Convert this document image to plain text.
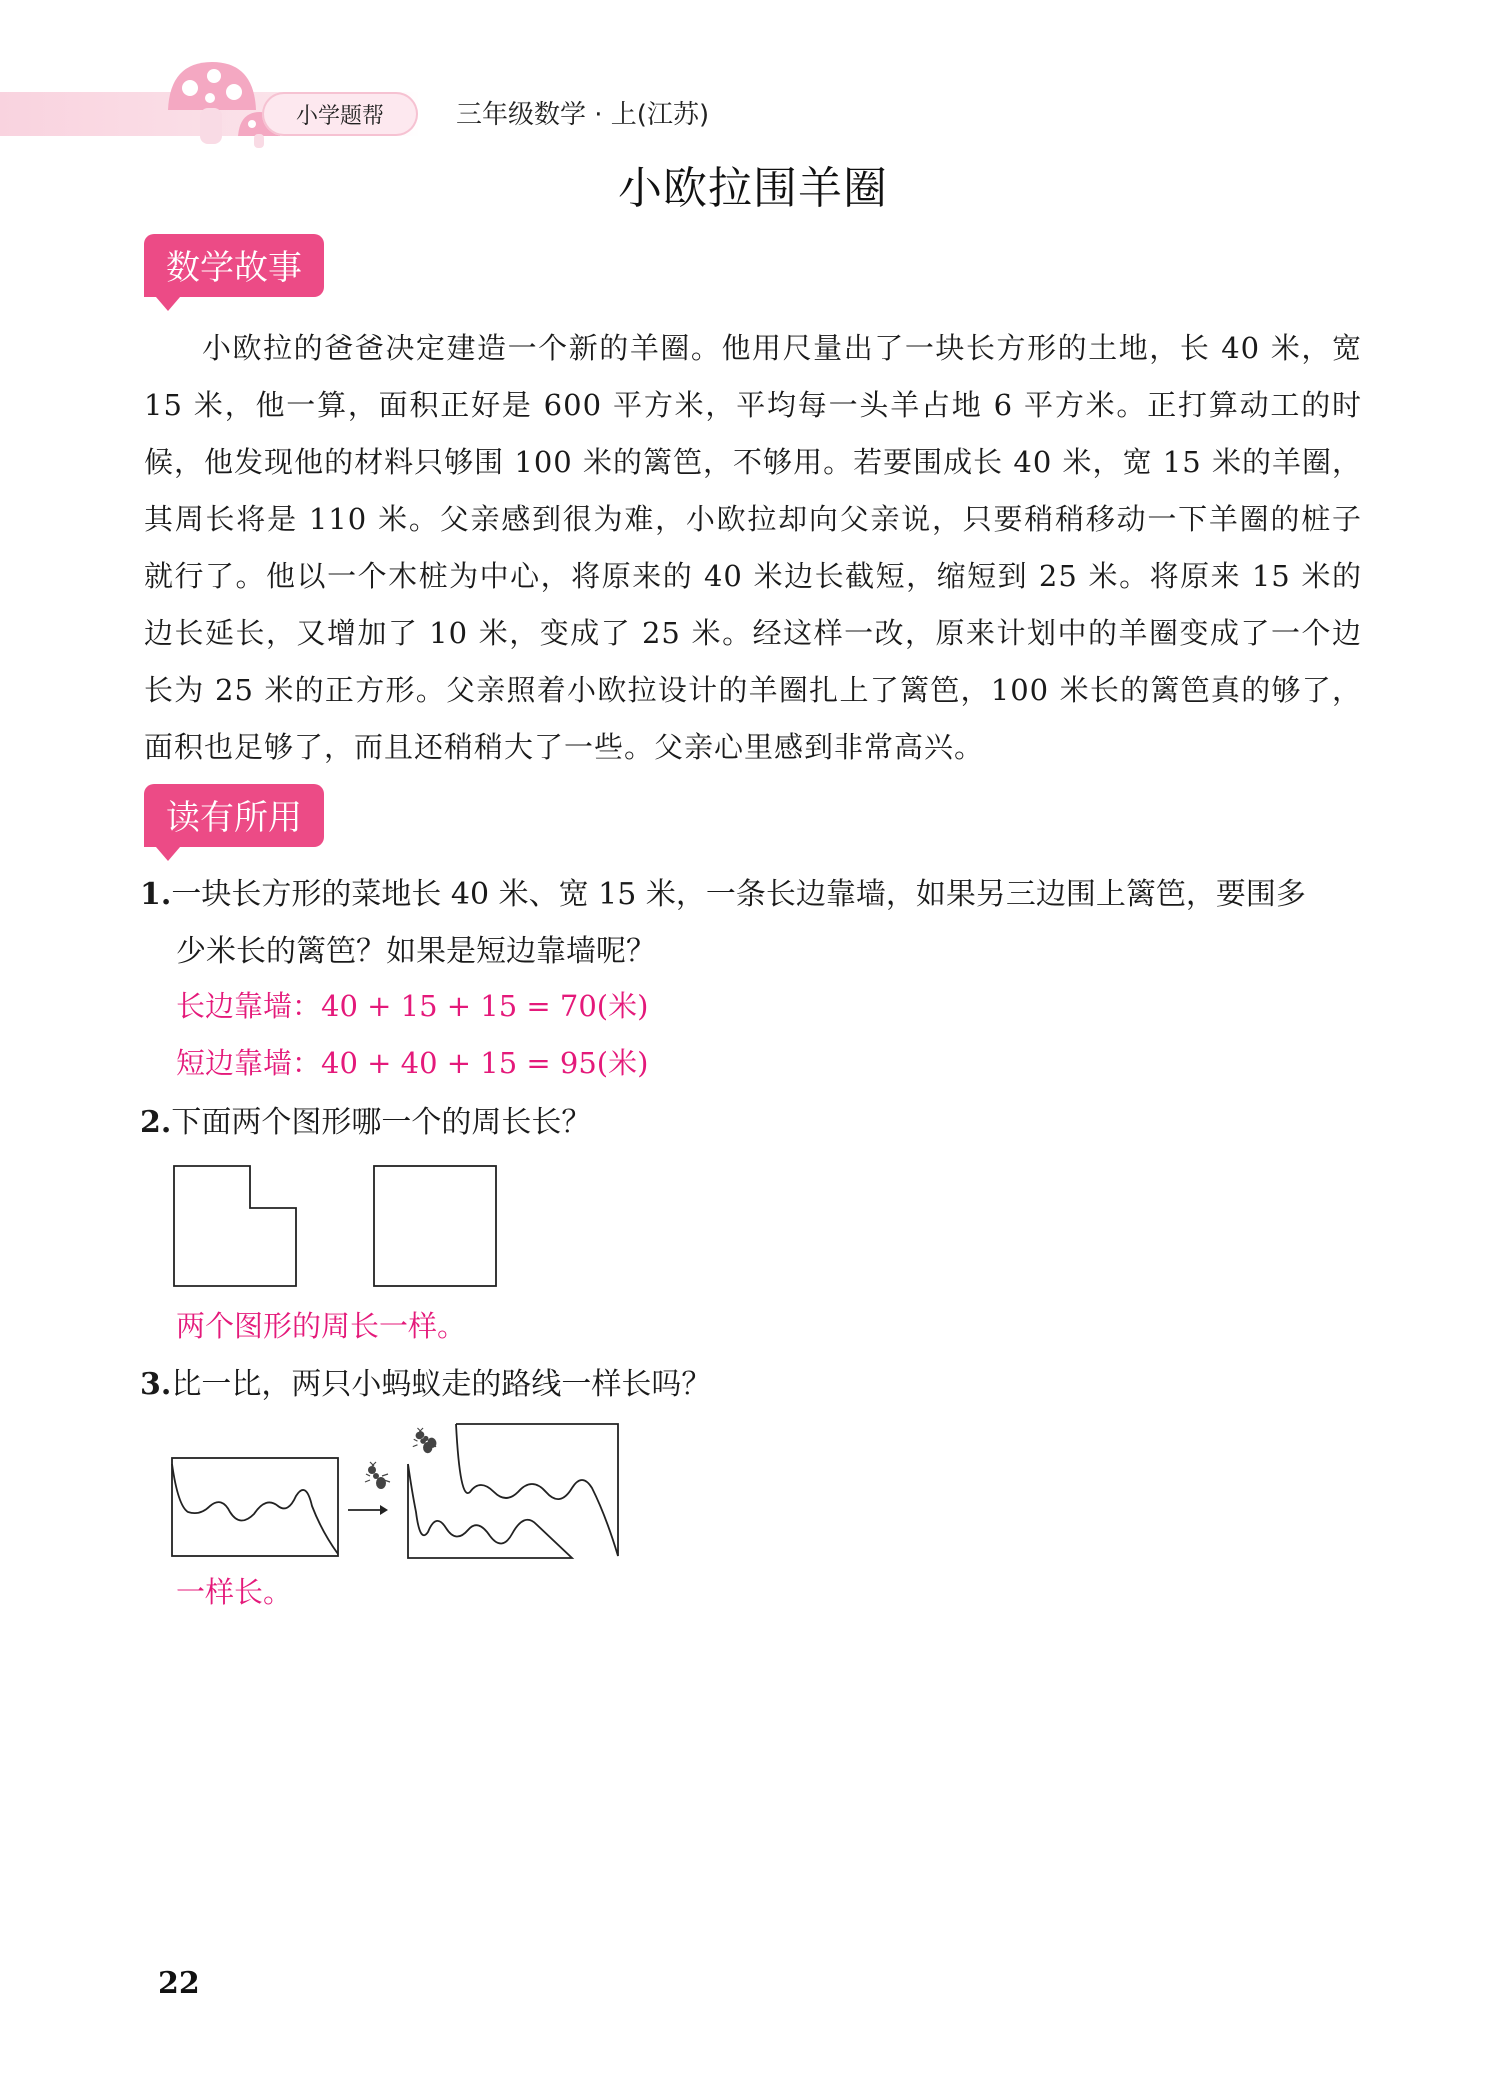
小学题帮	三年级数学 · 上(江苏)
小欧拉围羊圈
数学故事
小欧拉的爸爸决定建造一个新的羊圈。他用尺量出了一块长方形的土地，长 40 米，宽 15 米，他一算，面积正好是 600 平方米，平均每一头羊占地 6 平方米。正打算动工的时候，他发现他的材料只够围 100 米的篱笆，不够用。若要围成长 40 米，宽 15 米的羊圈，其周长将是 110 米。父亲感到很为难，小欧拉却向父亲说，只要稍稍移动一下羊圈的桩子就行了。他以一个木桩为中心，将原来的 40 米边长截短，缩短到 25 米。将原来 15 米的边长延长，又增加了 10 米，变成了 25 米。经这样一改，原来计划中的羊圈变成了一个边长为 25 米的正方形。父亲照着小欧拉设计的羊圈扎上了篱笆，100 米长的篱笆真的够了，面积也足够了，而且还稍稍大了一些。父亲心里感到非常高兴。
读有所用
1.一块长方形的菜地长 40 米、宽 15 米，一条长边靠墙，如果另三边围上篱笆，要围多
少米长的篱笆？如果是短边靠墙呢？
长边靠墙：40 + 15 + 15 = 70(米)
短边靠墙：40 + 40 + 15 = 95(米)
2.下面两个图形哪一个的周长长？
两个图形的周长一样。
3.比一比，两只小蚂蚁走的路线一样长吗？
一样长。
22
